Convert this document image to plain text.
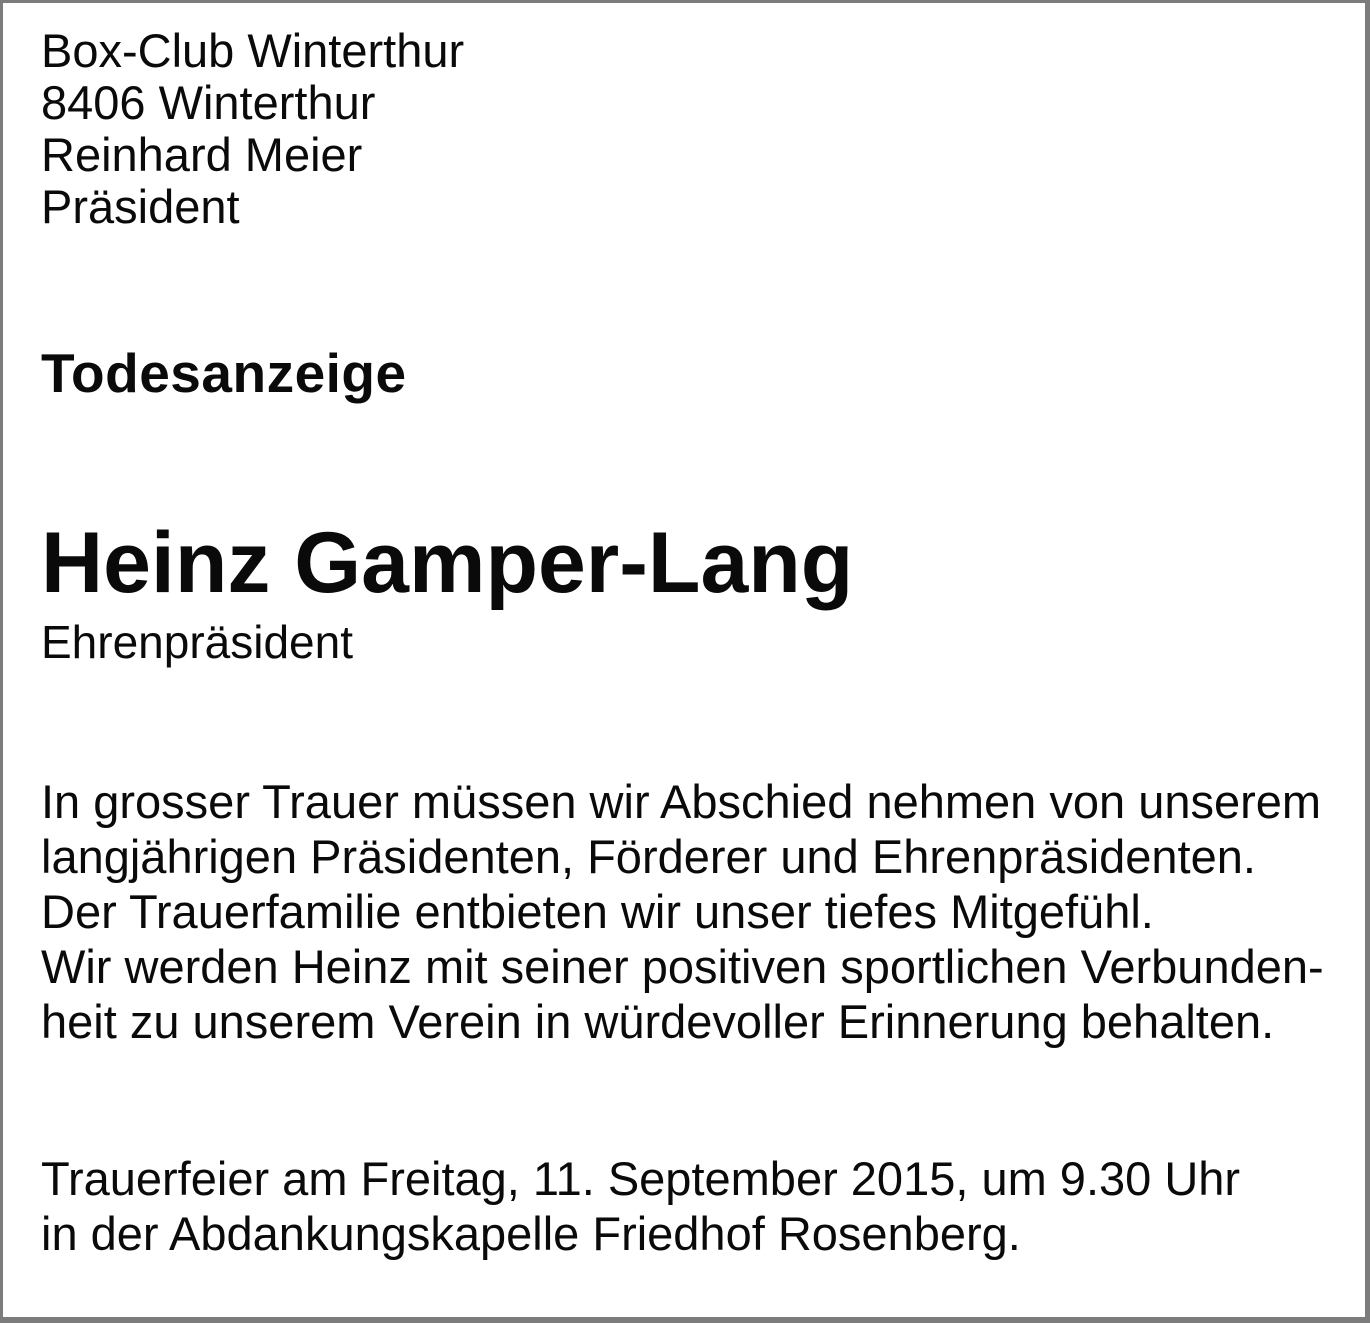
Box-Club Winterthur
8406 Winterthur
Reinhard Meier
Präsident
Todesanzeige
Heinz Gamper-Lang
Ehrenpräsident
In grosser Trauer müssen wir Abschied nehmen von unserem
langjährigen Präsidenten, Förderer und Ehrenpräsidenten.
Der Trauerfamilie entbieten wir unser tiefes Mitgefühl.
Wir werden Heinz mit seiner positiven sportlichen Verbunden-
heit zu unserem Verein in würdevoller Erinnerung behalten.
Trauerfeier am Freitag, 11. September 2015, um 9.30 Uhr
in der Abdankungskapelle Friedhof Rosenberg.
